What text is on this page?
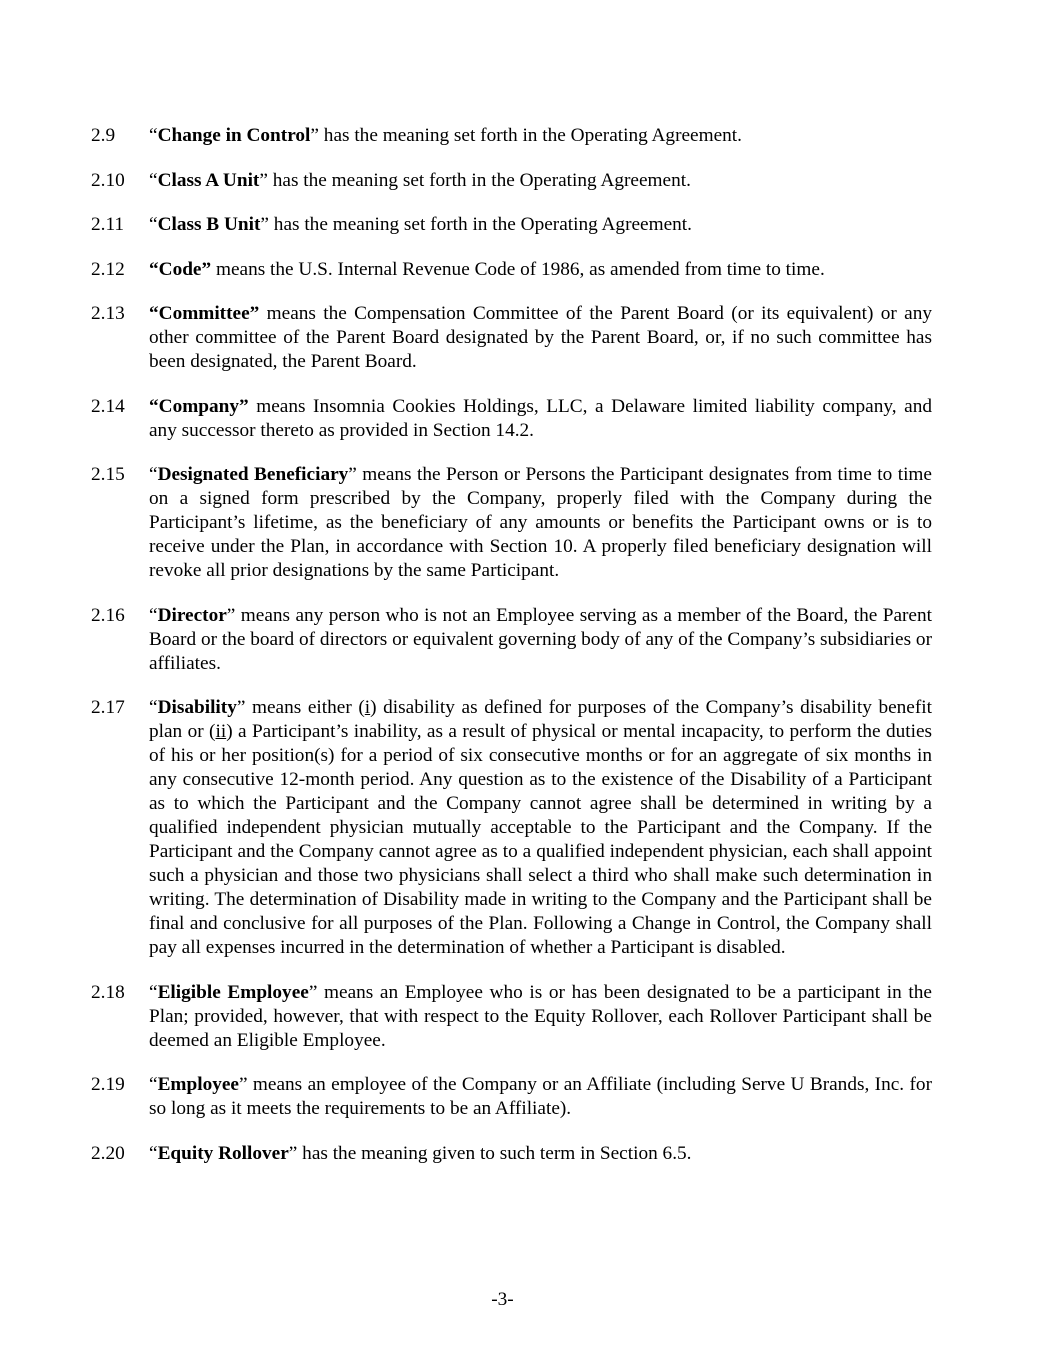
2.9	“Change in Control” has the meaning set forth in the Operating Agreement.
2.10	“Class A Unit” has the meaning set forth in the Operating Agreement.
2.11	“Class B Unit” has the meaning set forth in the Operating Agreement.
2.12	“Code” means the U.S. Internal Revenue Code of 1986, as amended from time to time.
2.13	“Committee” means the Compensation Committee of the Parent Board (or its equivalent) or any other committee of the Parent Board designated by the Parent Board, or, if no such committee has been designated, the Parent Board.
2.14	“Company” means Insomnia Cookies Holdings, LLC, a Delaware limited liability company, and any successor thereto as provided in Section 14.2.
2.15	“Designated Beneficiary” means the Person or Persons the Participant designates from time to time on a signed form prescribed by the Company, properly filed with the Company during the Participant’s lifetime, as the beneficiary of any amounts or benefits the Participant owns or is to receive under the Plan, in accordance with Section 10. A properly filed beneficiary designation will revoke all prior designations by the same Participant.
2.16	“Director” means any person who is not an Employee serving as a member of the Board, the Parent Board or the board of directors or equivalent governing body of any of the Company’s subsidiaries or affiliates.
2.17	“Disability” means either (i) disability as defined for purposes of the Company’s disability benefit plan or (ii) a Participant’s inability, as a result of physical or mental incapacity, to perform the duties of his or her position(s) for a period of six consecutive months or for an aggregate of six months in any consecutive 12-month period. Any question as to the existence of the Disability of a Participant as to which the Participant and the Company cannot agree shall be determined in writing by a qualified independent physician mutually acceptable to the Participant and the Company. If the Participant and the Company cannot agree as to a qualified independent physician, each shall appoint such a physician and those two physicians shall select a third who shall make such determination in writing. The determination of Disability made in writing to the Company and the Participant shall be final and conclusive for all purposes of the Plan. Following a Change in Control, the Company shall pay all expenses incurred in the determination of whether a Participant is disabled.
2.18	“Eligible Employee” means an Employee who is or has been designated to be a participant in the Plan; provided, however, that with respect to the Equity Rollover, each Rollover Participant shall be deemed an Eligible Employee.
2.19	“Employee” means an employee of the Company or an Affiliate (including Serve U Brands, Inc. for so long as it meets the requirements to be an Affiliate).
2.20	“Equity Rollover” has the meaning given to such term in Section 6.5.
-3-
